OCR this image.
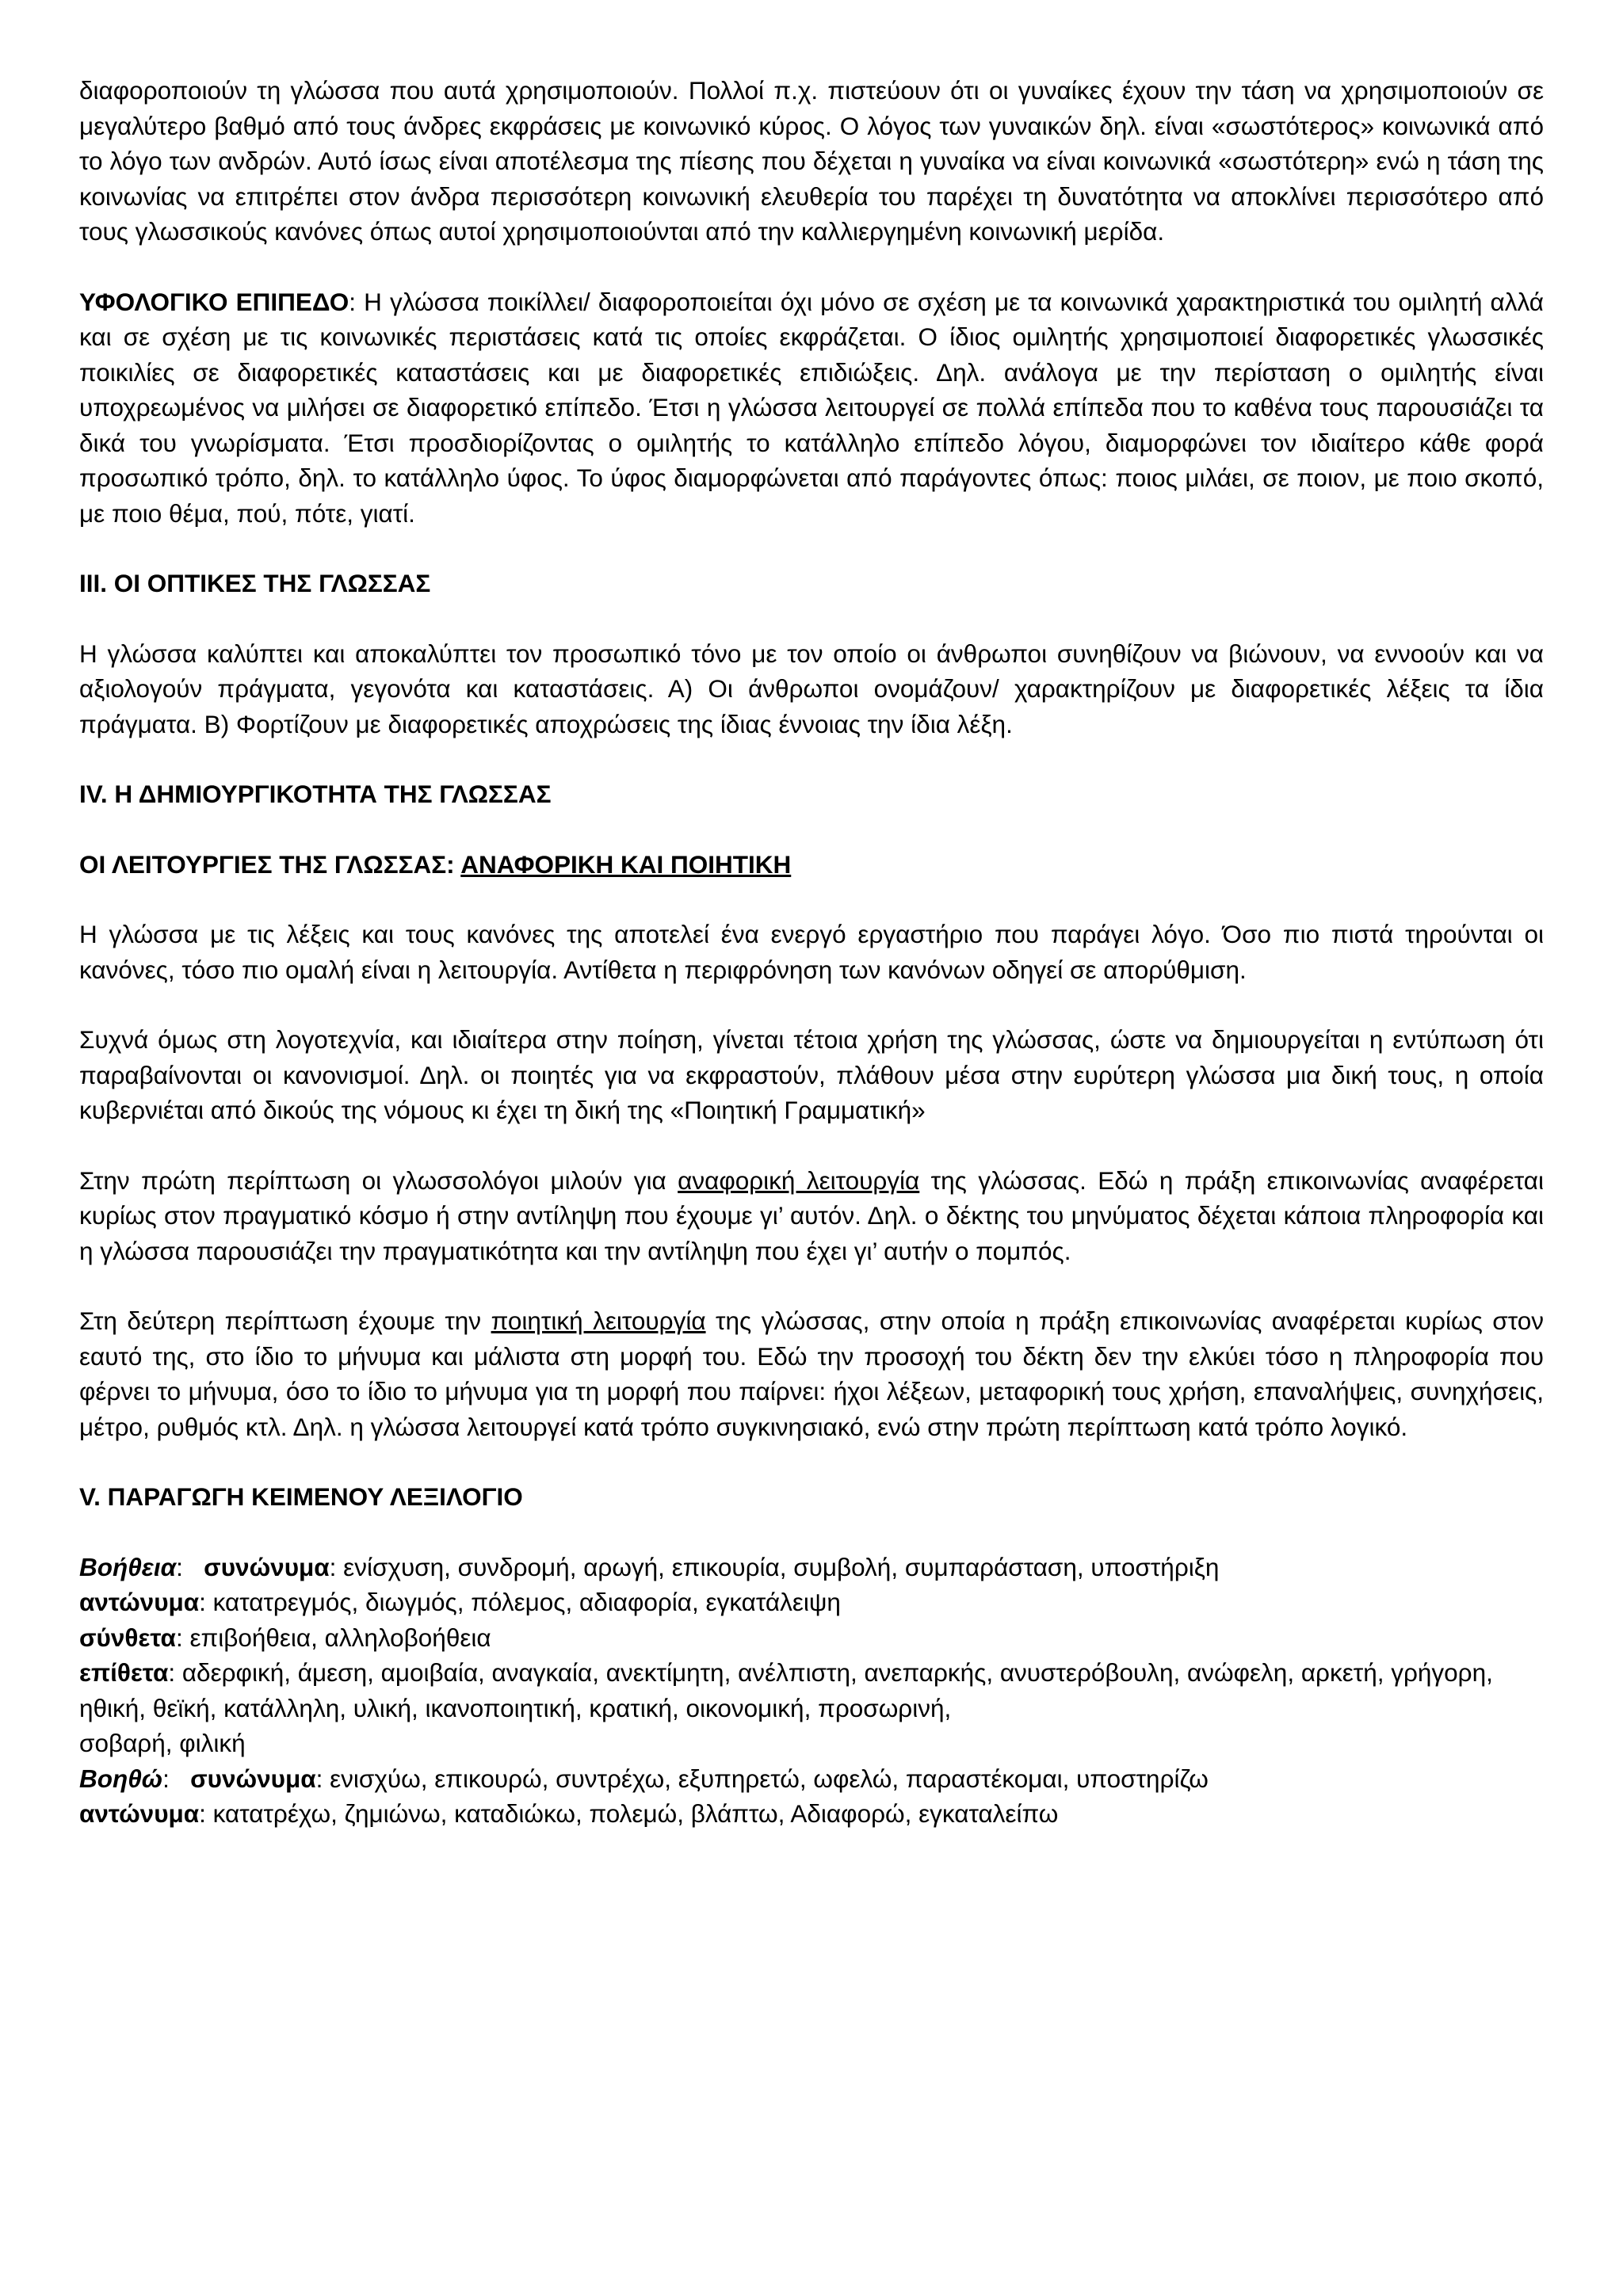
διαφοροποιούν τη γλώσσα που αυτά χρησιμοποιούν. Πολλοί π.χ. πιστεύουν ότι οι γυναίκες έχουν την τάση να χρησιμοποιούν σε μεγαλύτερο βαθμό από τους άνδρες εκφράσεις με κοινωνικό κύρος. Ο λόγος των γυναικών δηλ. είναι «σωστότερος» κοινωνικά από το λόγο των ανδρών. Αυτό ίσως είναι αποτέλεσμα της πίεσης που δέχεται η γυναίκα να είναι κοινωνικά «σωστότερη» ενώ η τάση της κοινωνίας να επιτρέπει στον άνδρα περισσότερη κοινωνική ελευθερία του παρέχει τη δυνατότητα να αποκλίνει περισσότερο από τους γλωσσικούς κανόνες όπως αυτοί χρησιμοποιούνται από την καλλιεργημένη κοινωνική μερίδα.

ΥΦΟΛΟΓΙΚΟ ΕΠΙΠΕΔΟ: Η γλώσσα ποικίλλει/ διαφοροποιείται όχι μόνο σε σχέση με τα κοινωνικά χαρακτηριστικά του ομιλητή αλλά και σε σχέση με τις κοινωνικές περιστάσεις κατά τις οποίες εκφράζεται. Ο ίδιος ομιλητής χρησιμοποιεί διαφορετικές γλωσσικές ποικιλίες σε διαφορετικές καταστάσεις και με διαφορετικές επιδιώξεις. Δηλ. ανάλογα με την περίσταση ο ομιλητής είναι υποχρεωμένος να μιλήσει σε διαφορετικό επίπεδο. Έτσι η γλώσσα λειτουργεί σε πολλά επίπεδα που το καθένα τους παρουσιάζει τα δικά του γνωρίσματα. Έτσι προσδιορίζοντας ο ομιλητής το κατάλληλο επίπεδο λόγου, διαμορφώνει τον ιδιαίτερο κάθε φορά προσωπικό τρόπο, δηλ. το κατάλληλο ύφος. Το ύφος διαμορφώνεται από παράγοντες όπως: ποιος μιλάει, σε ποιον, με ποιο σκοπό, με ποιο θέμα, πού, πότε, γιατί.

III. ΟΙ ΟΠΤΙΚΕΣ ΤΗΣ ΓΛΩΣΣΑΣ

Η γλώσσα καλύπτει και αποκαλύπτει τον προσωπικό τόνο με τον οποίο οι άνθρωποι συνηθίζουν να βιώνουν, να εννοούν και να αξιολογούν πράγματα, γεγονότα και καταστάσεις. Α) Οι άνθρωποι ονομάζουν/ χαρακτηρίζουν με διαφορετικές λέξεις τα ίδια πράγματα. Β) Φορτίζουν με διαφορετικές αποχρώσεις της ίδιας έννοιας την ίδια λέξη.

IV. Η ΔΗΜΙΟΥΡΓΙΚΟΤΗΤΑ ΤΗΣ ΓΛΩΣΣΑΣ

ΟΙ ΛΕΙΤΟΥΡΓΙΕΣ ΤΗΣ ΓΛΩΣΣΑΣ: ΑΝΑΦΟΡΙΚΗ ΚΑΙ ΠΟΙΗΤΙΚΗ

Η γλώσσα με τις λέξεις και τους κανόνες της αποτελεί ένα ενεργό εργαστήριο που παράγει λόγο. Όσο πιο πιστά τηρούνται οι κανόνες, τόσο πιο ομαλή είναι η λειτουργία. Αντίθετα η περιφρόνηση των κανόνων οδηγεί σε απορύθμιση.

Συχνά όμως στη λογοτεχνία, και ιδιαίτερα στην ποίηση, γίνεται τέτοια χρήση της γλώσσας, ώστε να δημιουργείται η εντύπωση ότι παραβαίνονται οι κανονισμοί. Δηλ. οι ποιητές για να εκφραστούν, πλάθουν μέσα στην ευρύτερη γλώσσα μια δική τους, η οποία κυβερνιέται από δικούς της νόμους κι έχει τη δική της «Ποιητική Γραμματική»

Στην πρώτη περίπτωση οι γλωσσολόγοι μιλούν για αναφορική λειτουργία της γλώσσας. Εδώ η πράξη επικοινωνίας αναφέρεται κυρίως στον πραγματικό κόσμο ή στην αντίληψη που έχουμε γι’ αυτόν. Δηλ. ο δέκτης του μηνύματος δέχεται κάποια πληροφορία και η γλώσσα παρουσιάζει την πραγματικότητα και την αντίληψη που έχει γι’ αυτήν ο πομπός.

Στη δεύτερη περίπτωση έχουμε την ποιητική λειτουργία της γλώσσας, στην οποία η πράξη επικοινωνίας αναφέρεται κυρίως στον εαυτό της, στο ίδιο το μήνυμα και μάλιστα στη μορφή του. Εδώ την προσοχή του δέκτη δεν την ελκύει τόσο η πληροφορία που φέρνει το μήνυμα, όσο το ίδιο το μήνυμα για τη μορφή που παίρνει: ήχοι λέξεων, μεταφορική τους χρήση, επαναλήψεις, συνηχήσεις, μέτρο, ρυθμός κτλ. Δηλ. η γλώσσα λειτουργεί κατά τρόπο συγκινησιακό, ενώ στην πρώτη περίπτωση κατά τρόπο λογικό.

V. ΠΑΡΑΓΩΓΗ ΚΕΙΜΕΝΟΥ ΛΕΞΙΛΟΓΙΟ

Βοήθεια:   συνώνυμα: ενίσχυση, συνδρομή, αρωγή, επικουρία, συμβολή, συμπαράσταση, υποστήριξη

αντώνυμα: κατατρεγμός, διωγμός, πόλεμος, αδιαφορία, εγκατάλειψη

σύνθετα: επιβοήθεια, αλληλοβοήθεια

επίθετα: αδερφική, άμεση, αμοιβαία, αναγκαία, ανεκτίμητη, ανέλπιστη, ανεπαρκής, ανυστερόβουλη, ανώφελη, αρκετή, γρήγορη, ηθική, θεϊκή, κατάλληλη, υλική, ικανοποιητική, κρατική, οικονομική, προσωρινή,

σοβαρή, φιλική

Βοηθώ:   συνώνυμα: ενισχύω, επικουρώ, συντρέχω, εξυπηρετώ, ωφελώ, παραστέκομαι, υποστηρίζω

αντώνυμα: κατατρέχω, ζημιώνω, καταδιώκω, πολεμώ, βλάπτω, Αδιαφορώ, εγκαταλείπω
